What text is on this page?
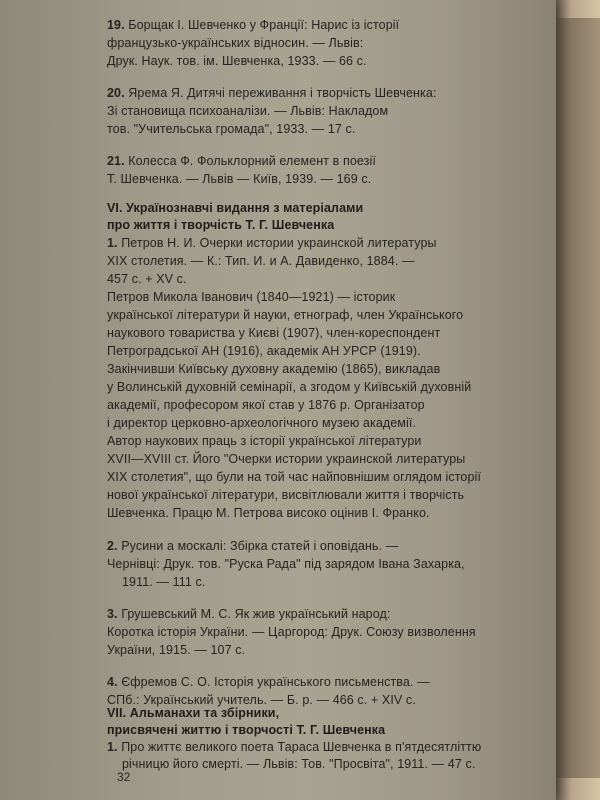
19. Борщак І. Шевченко у Франції: Нарис із історії
французько-українських відносин. — Львів:
Друк. Наук. тов. ім. Шевченка, 1933. — 66 с.
20. Ярема Я. Дитячі переживання і творчість Шевченка:
Зі становища психоаналізи. — Львів: Накладом
тов. "Учительська громада", 1933. — 17 с.
21. Колесса Ф. Фольклорний елемент в поезії
Т. Шевченка. — Львів — Київ, 1939. — 169 с.
VI. Українознавчі видання з матеріалами
про життя і творчість Т. Г. Шевченка
1. Петров Н. И. Очерки истории украинской литературы
XIX столетия. — К.: Тип. И. и А. Давиденко, 1884. —
457 с. + XV с.
Петров Микола Іванович (1840—1921) — історик
української літератури й науки, етнограф, член Українського
наукового товариства у Києві (1907), член-кореспондент
Петроградської АН (1916), академік АН УРСР (1919).
Закінчивши Київську духовну академію (1865), викладав
у Волинській духовній семінарії, а згодом у Київській духовній
академії, професором якої став у 1876 р. Організатор
і директор церковно-археологічного музею академії.
Автор наукових праць з історії української літератури
XVII—XVIII ст. Його "Очерки истории украинской литературы
XIX столетия", що були на той час найповнішим оглядом історії
нової української літератури, висвітлювали життя і творчість
Шевченка. Працю М. Петрова високо оцінив І. Франко.
2. Русини а москалі: Збірка статей і оповідань. —
Чернівці: Друк. тов. "Руска Рада" під зарядом Івана Захарка,
1911. — 111 с.
3. Грушевський М. С. Як жив український народ:
Коротка історія України. — Царгород: Друк. Союзу визволення
України, 1915. — 107 с.
4. Єфремов С. О. Історія українського письменства. —
СПб.: Український учитель. — Б. р. — 466 с. + XIV с.
VII. Альманахи та збірники,
присвячені життю і творчості Т. Г. Шевченка
1. Про життє великого поета Тараса Шевченка в п'ятдесятліттю
річницю його смерті. — Львів: Тов. "Просвіта", 1911. — 47 с.
32
